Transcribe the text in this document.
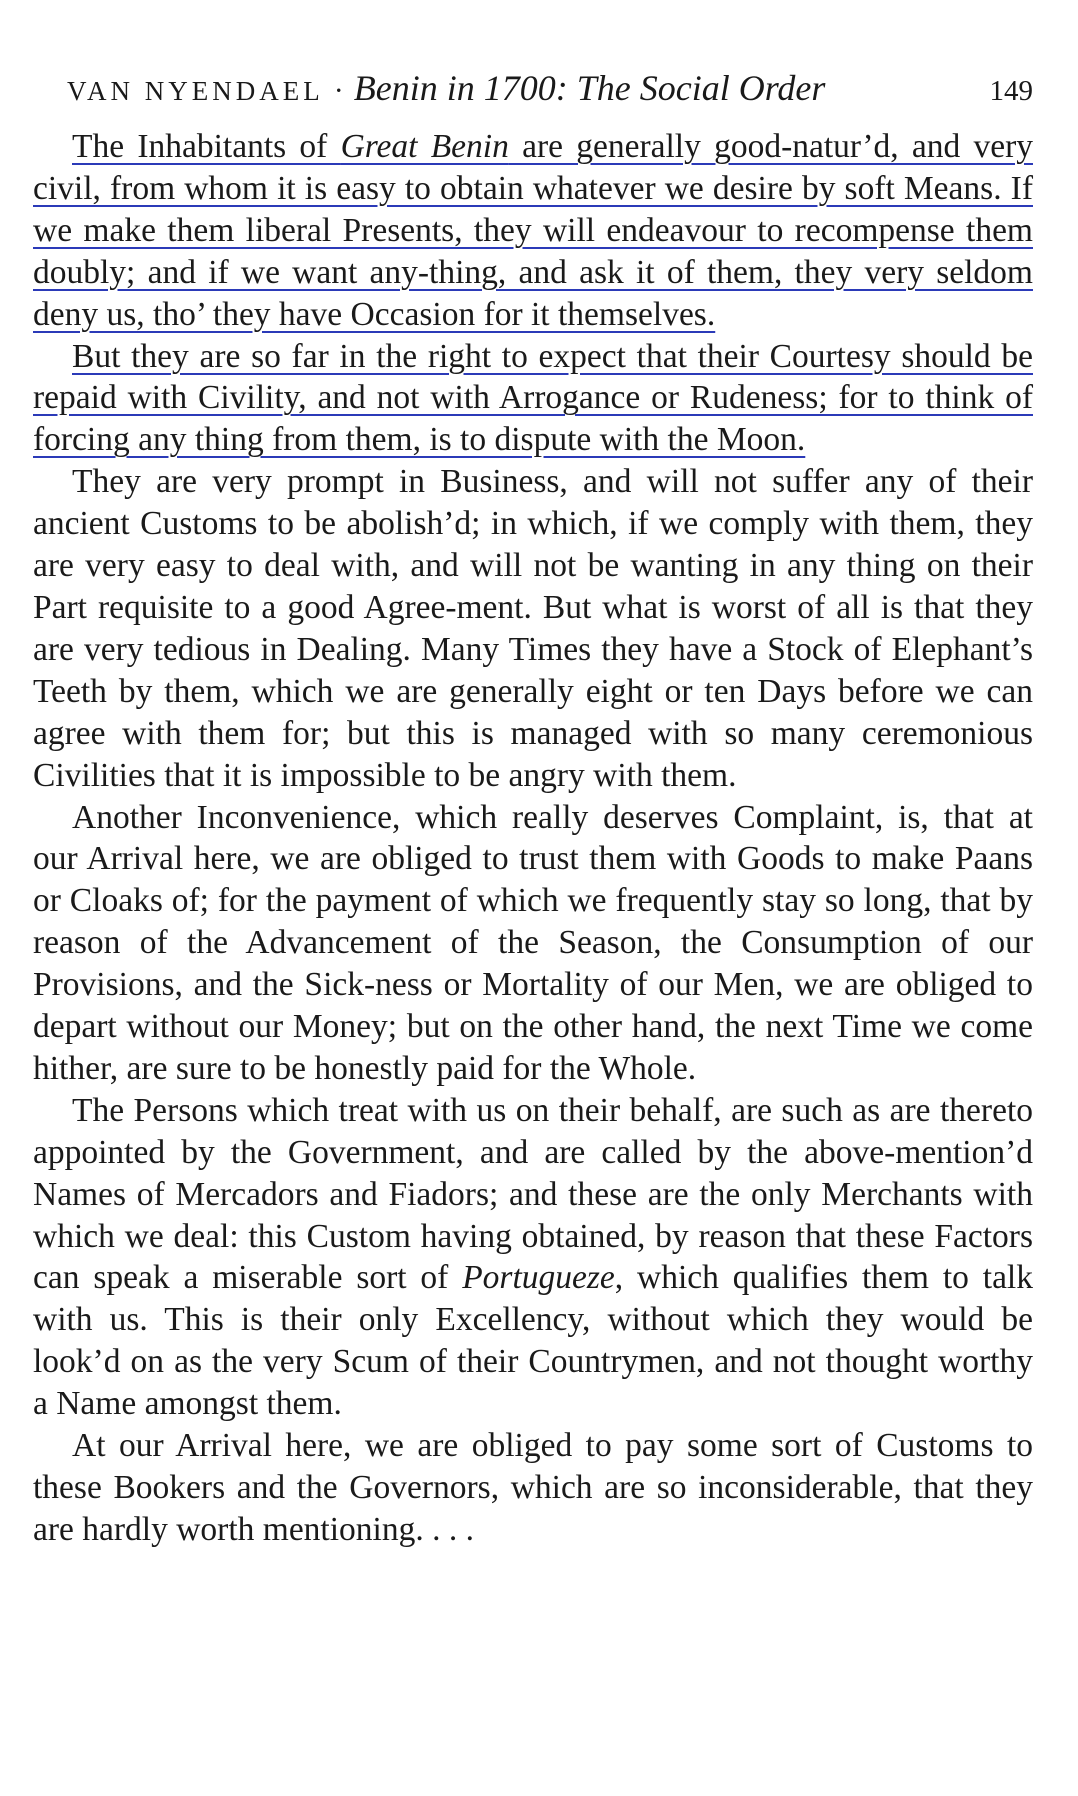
VAN NYENDAEL · Benin in 1700: The Social Order	149

The Inhabitants of Great Benin are generally good-natur’d, and very civil, from whom it is easy to obtain whatever we desire by soft Means. If we make them liberal Presents, they will endeavour to recompense them doubly; and if we want any-thing, and ask it of them, they very seldom deny us, tho’ they have Occasion for it themselves.

But they are so far in the right to expect that their Courtesy should be repaid with Civility, and not with Arrogance or Rudeness; for to think of forcing any thing from them, is to dispute with the Moon.

They are very prompt in Business, and will not suffer any of their ancient Customs to be abolish’d; in which, if we comply with them, they are very easy to deal with, and will not be wanting in any thing on their Part requisite to a good Agree-ment. But what is worst of all is that they are very tedious in Dealing. Many Times they have a Stock of Elephant’s Teeth by them, which we are generally eight or ten Days before we can agree with them for; but this is managed with so many ceremonious Civilities that it is impossible to be angry with them.

Another Inconvenience, which really deserves Complaint, is, that at our Arrival here, we are obliged to trust them with Goods to make Paans or Cloaks of; for the payment of which we frequently stay so long, that by reason of the Advancement of the Season, the Consumption of our Provisions, and the Sick-ness or Mortality of our Men, we are obliged to depart without our Money; but on the other hand, the next Time we come hither, are sure to be honestly paid for the Whole.

The Persons which treat with us on their behalf, are such as are thereto appointed by the Government, and are called by the above-mention’d Names of Mercadors and Fiadors; and these are the only Merchants with which we deal: this Custom having obtained, by reason that these Factors can speak a miserable sort of Portugueze, which qualifies them to talk with us. This is their only Excellency, without which they would be look’d on as the very Scum of their Countrymen, and not thought worthy a Name amongst them.

At our Arrival here, we are obliged to pay some sort of Customs to these Bookers and the Governors, which are so inconsiderable, that they are hardly worth mentioning. . . .
